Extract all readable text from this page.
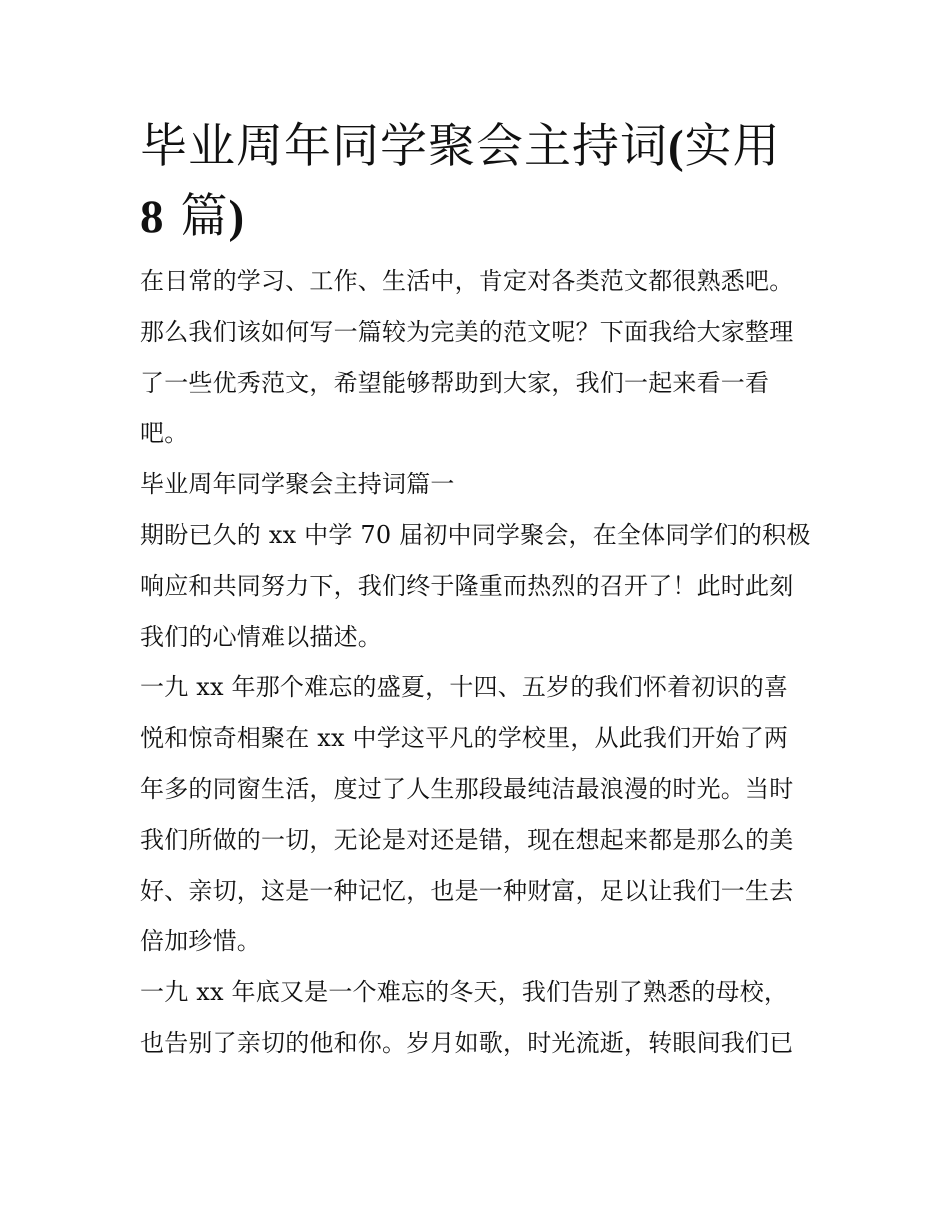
毕业周年同学聚会主持词(实用
8 篇)

在日常的学习、工作、生活中，肯定对各类范文都很熟悉吧。

那么我们该如何写一篇较为完美的范文呢？下面我给大家整理

了一些优秀范文，希望能够帮助到大家，我们一起来看一看

吧。

毕业周年同学聚会主持词篇一

期盼已久的 xx 中学 70 届初中同学聚会，在全体同学们的积极

响应和共同努力下，我们终于隆重而热烈的召开了！此时此刻

我们的心情难以描述。

一九 xx 年那个难忘的盛夏，十四、五岁的我们怀着初识的喜

悦和惊奇相聚在 xx 中学这平凡的学校里，从此我们开始了两

年多的同窗生活，度过了人生那段最纯洁最浪漫的时光。当时

我们所做的一切，无论是对还是错，现在想起来都是那么的美

好、亲切，这是一种记忆，也是一种财富，足以让我们一生去

倍加珍惜。

一九 xx 年底又是一个难忘的冬天，我们告别了熟悉的母校，

也告别了亲切的他和你。岁月如歌，时光流逝，转眼间我们已
